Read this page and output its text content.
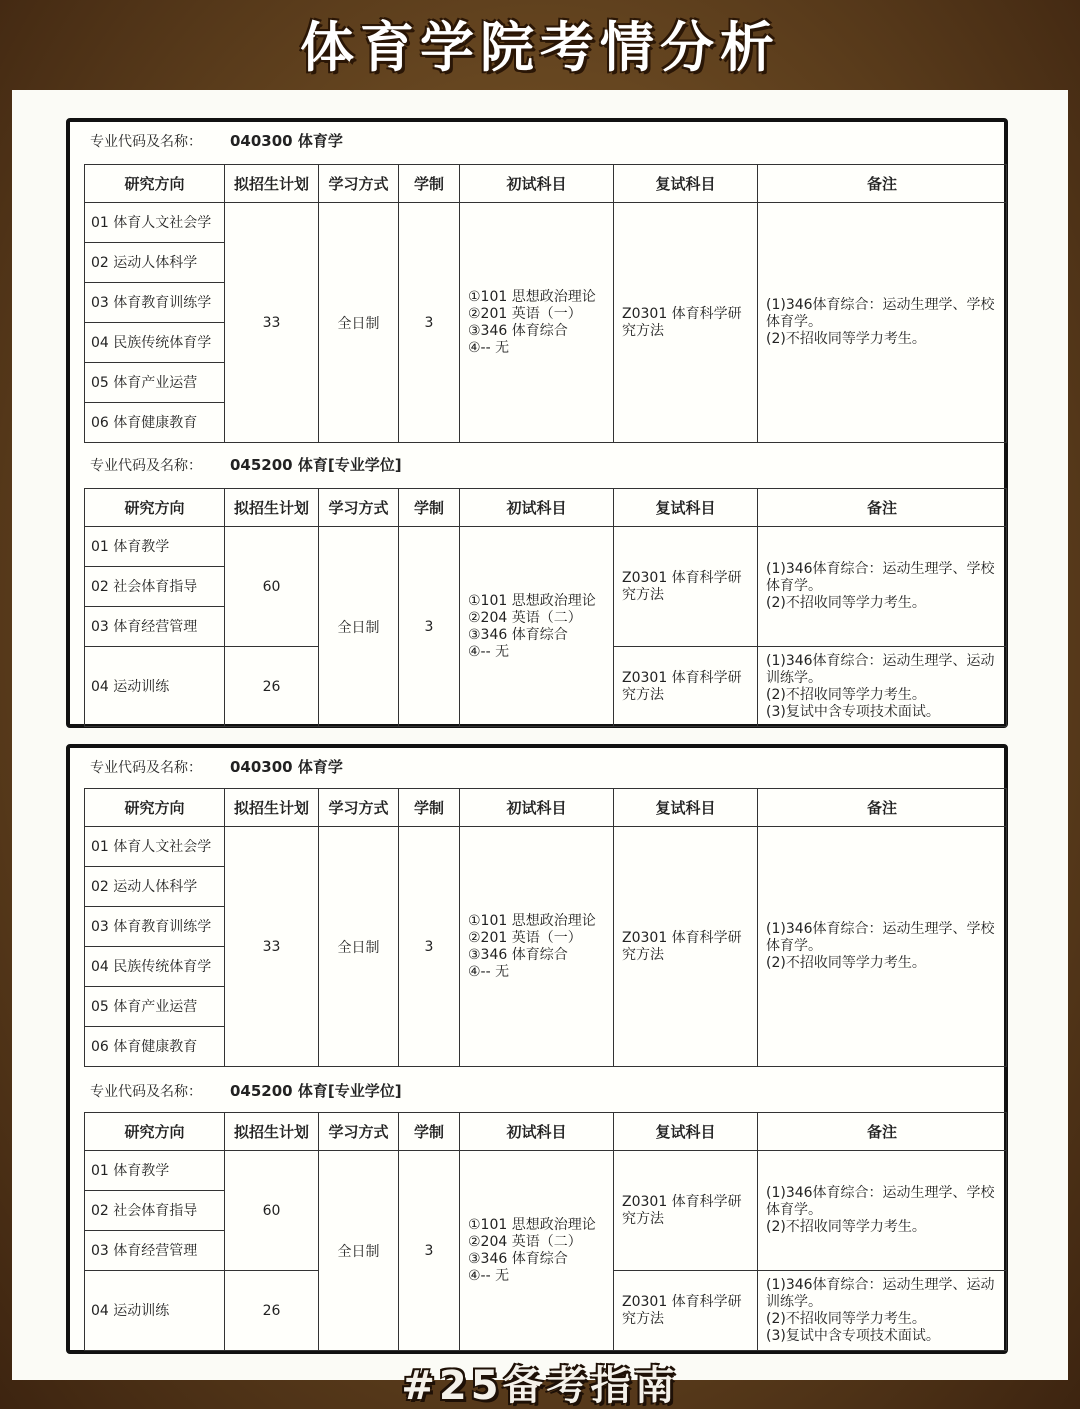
体育学院考情分析
专业代码及名称： 040300 体育学
研究方向	拟招生计划	学习方式	学制	初试科目	复试科目	备注
01 体育人文社会学	33	全日制	3	①101 思想政治理论
②201 英语（一）
③346 体育综合
④-- 无	Z0301 体育科学研究方法	(1)346体育综合：运动生理学、学校体育学。
(2)不招收同等学力考生。

02 运动人体科学						
03 体育教育训练学						
04 民族传统体育学						
05 体育产业运营						
06 体育健康教育						
专业代码及名称： 045200 体育[专业学位]
研究方向	拟招生计划	学习方式	学制	初试科目	复试科目	备注
01 体育教学	60	全日制	3	①101 思想政治理论
②204 英语（二）
③346 体育综合
④-- 无	Z0301 体育科学研究方法	(1)346体育综合：运动生理学、学校体育学。
(2)不招收同等学力考生。

02 社会体育指导						
03 体育经营管理						
04 运动训练	26				Z0301 体育科学研究方法	(1)346体育综合：运动生理学、运动训练学。
(2)不招收同等学力考生。
(3)复试中含专项技术面试。

专业代码及名称： 040300 体育学
研究方向	拟招生计划	学习方式	学制	初试科目	复试科目	备注
01 体育人文社会学	33	全日制	3	①101 思想政治理论
②201 英语（一）
③346 体育综合
④-- 无	Z0301 体育科学研究方法	(1)346体育综合：运动生理学、学校体育学。
(2)不招收同等学力考生。

02 运动人体科学						
03 体育教育训练学						
04 民族传统体育学						
05 体育产业运营						
06 体育健康教育						
专业代码及名称： 045200 体育[专业学位]
研究方向	拟招生计划	学习方式	学制	初试科目	复试科目	备注
01 体育教学	60	全日制	3	①101 思想政治理论
②204 英语（二）
③346 体育综合
④-- 无	Z0301 体育科学研究方法	(1)346体育综合：运动生理学、学校体育学。
(2)不招收同等学力考生。

02 社会体育指导						
03 体育经营管理						
04 运动训练	26				Z0301 体育科学研究方法	(1)346体育综合：运动生理学、运动训练学。
(2)不招收同等学力考生。
(3)复试中含专项技术面试。

#25备考指南
